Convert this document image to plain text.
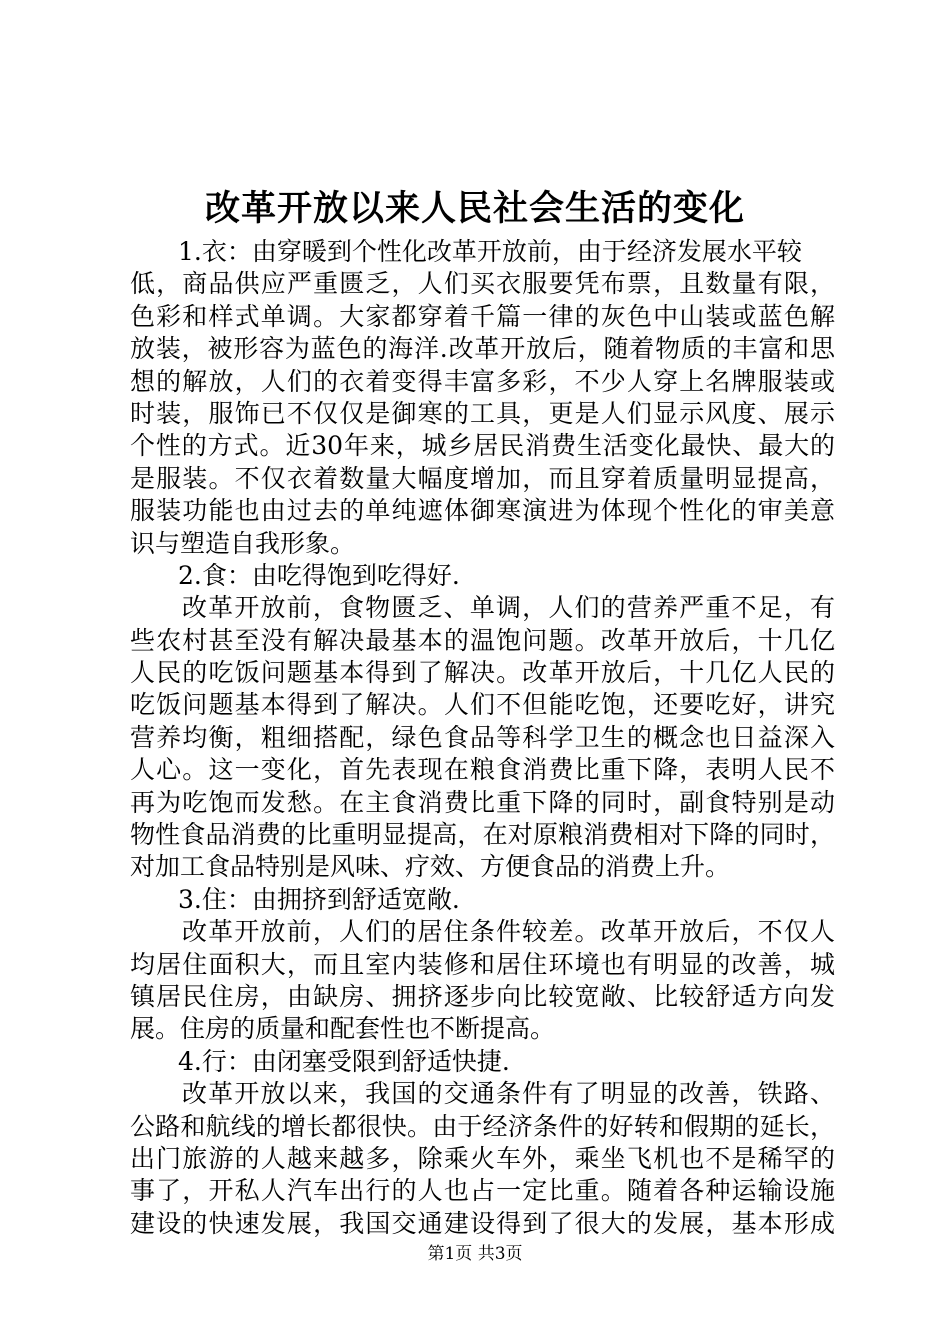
改革开放以来人民社会生活的变化
1.衣：由穿暖到个性化改革开放前，由于经济发展水平较
低，商品供应严重匮乏，人们买衣服要凭布票，且数量有限，
色彩和样式单调。大家都穿着千篇一律的灰色中山装或蓝色解
放装，被形容为蓝色的海洋.改革开放后，随着物质的丰富和思
想的解放，人们的衣着变得丰富多彩，不少人穿上名牌服装或
时装，服饰已不仅仅是御寒的工具，更是人们显示风度、展示
个性的方式。近30年来，城乡居民消费生活变化最快、最大的
是服装。不仅衣着数量大幅度增加，而且穿着质量明显提高，
服装功能也由过去的单纯遮体御寒演进为体现个性化的审美意
识与塑造自我形象。
2.食：由吃得饱到吃得好.
改革开放前，食物匮乏、单调，人们的营养严重不足，有
些农村甚至没有解决最基本的温饱问题。改革开放后，十几亿
人民的吃饭问题基本得到了解决。改革开放后，十几亿人民的
吃饭问题基本得到了解决。人们不但能吃饱，还要吃好，讲究
营养均衡，粗细搭配，绿色食品等科学卫生的概念也日益深入
人心。这一变化，首先表现在粮食消费比重下降，表明人民不
再为吃饱而发愁。在主食消费比重下降的同时，副食特别是动
物性食品消费的比重明显提高，在对原粮消费相对下降的同时，
对加工食品特别是风味、疗效、方便食品的消费上升。
3.住：由拥挤到舒适宽敞.
改革开放前，人们的居住条件较差。改革开放后，不仅人
均居住面积大，而且室内装修和居住环境也有明显的改善，城
镇居民住房，由缺房、拥挤逐步向比较宽敞、比较舒适方向发
展。住房的质量和配套性也不断提高。
4.行：由闭塞受限到舒适快捷.
改革开放以来，我国的交通条件有了明显的改善，铁路、
公路和航线的增长都很快。由于经济条件的好转和假期的延长，
出门旅游的人越来越多，除乘火车外，乘坐飞机也不是稀罕的
事了，开私人汽车出行的人也占一定比重。随着各种运输设施
建设的快速发展，我国交通建设得到了很大的发展，基本形成
第1页 共3页
